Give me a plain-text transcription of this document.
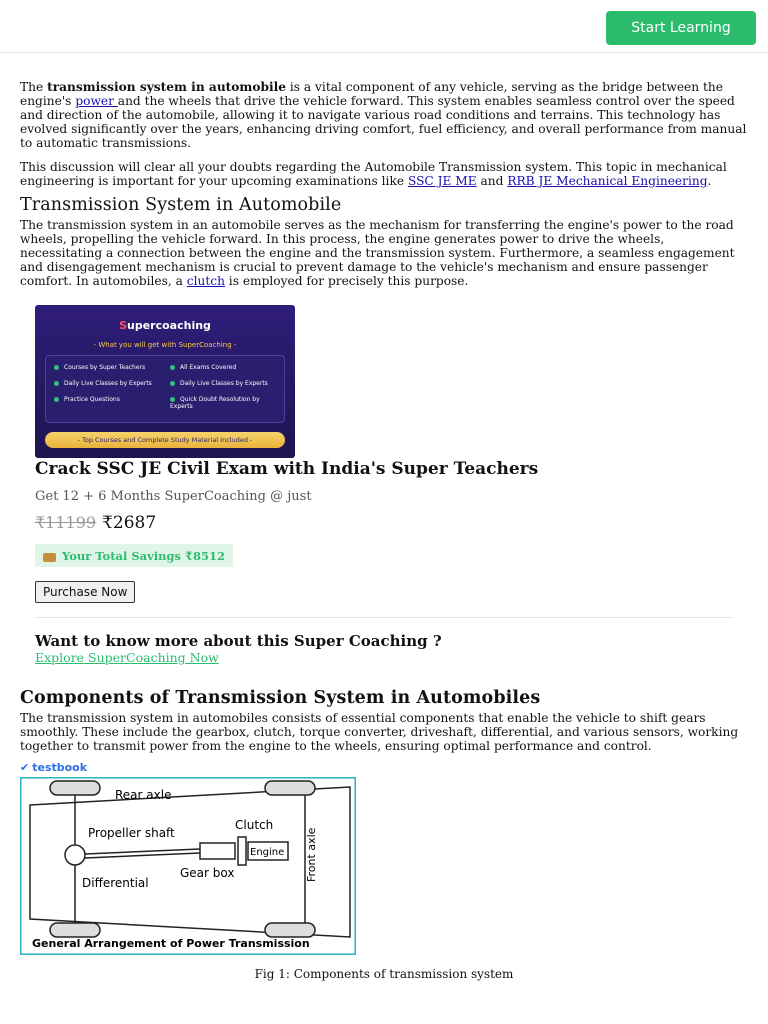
Start Learning

The transmission system in automobile is a vital component of any vehicle, serving as the bridge between the engine's power and the wheels that drive the vehicle forward. This system enables seamless control over the speed and direction of the automobile, allowing it to navigate various road conditions and terrains. This technology has evolved significantly over the years, enhancing driving comfort, fuel efficiency, and overall performance from manual to automatic transmissions.

This discussion will clear all your doubts regarding the Automobile Transmission system. This topic in mechanical engineering is important for your upcoming examinations like SSC JE ME and RRB JE Mechanical Engineering.

Transmission System in Automobile

The transmission system in an automobile serves as the mechanism for transferring the engine's power to the road wheels, propelling the vehicle forward. In this process, the engine generates power to drive the wheels, necessitating a connection between the engine and the transmission system. Furthermore, a seamless engagement and disengagement mechanism is crucial to prevent damage to the vehicle's mechanism and ensure passenger comfort. In automobiles, a clutch is employed for precisely this purpose.

Supercoaching
- What you will get with SuperCoaching -
Courses by Super Teachers
Daily Live Classes by Experts
Practice Questions
All Exams Covered
Daily Live Classes by Experts
Quick Doubt Resolution by Experts
- Top Courses and Complete Study Material Included -
Crack SSC JE Civil Exam with India's Super Teachers
Get 12 + 6 Months SuperCoaching @ just
₹11199 ₹2687
Your Total Savings ₹8512
Purchase Now
Want to know more about this Super Coaching ?
Explore SuperCoaching Now
Components of Transmission System in Automobiles

The transmission system in automobiles consists of essential components that enable the vehicle to shift gears smoothly. These include the gearbox, clutch, torque converter, driveshaft, differential, and various sensors, working together to transmit power from the engine to the wheels, ensuring optimal performance and control.

✔ testbook
Rear axle
Propeller shaft
Clutch
Engine
Gear box
Differential
Front axle
General Arrangement of Power Transmission
Fig 1: Components of transmission system
